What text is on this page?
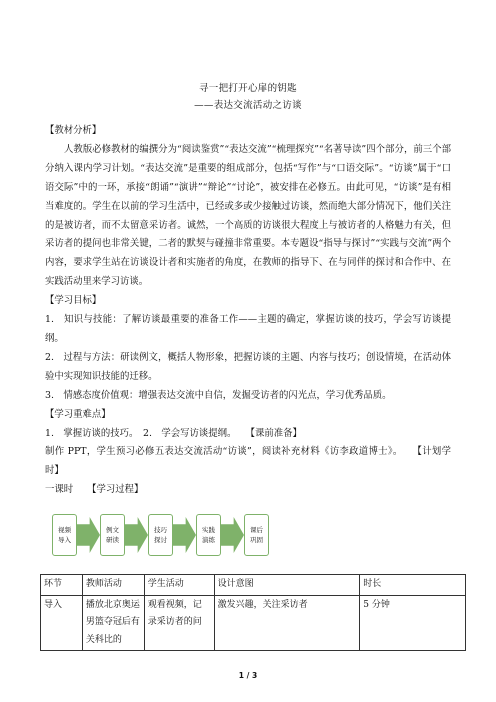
寻一把打开心扉的钥匙
——表达交流活动之访谈

【教材分析】

人教版必修教材的编撰分为“阅读鉴赏”“表达交流”“梳理探究”“名著导读”四个部分，前三个部分纳入课内学习计划。“表达交流”是重要的组成部分，包括“写作”与“口语交际”。“访谈”属于“口语交际”中的一环，承接“朗诵”“演讲”“辩论”“讨论”，被安排在必修五。由此可见，“访谈”是有相当难度的。学生在以前的学习生活中，已经或多或少接触过访谈，然而绝大部分情况下，他们关注的是被访者，而不太留意采访者。诚然，一个高质的访谈很大程度上与被访者的人格魅力有关，但采访者的提问也非常关键，二者的默契与碰撞非常重要。本专题设“指导与探讨”“实践与交流”两个内容，要求学生站在访谈设计者和实施者的角度，在教师的指导下、在与同伴的探讨和合作中、在实践活动里来学习访谈。

【学习目标】

1.　知识与技能：了解访谈最重要的准备工作——主题的确定，掌握访谈的技巧，学会写访谈提纲。

2.　过程与方法：研读例文，概括人物形象，把握访谈的主题、内容与技巧；创设情境，在活动体验中实现知识技能的迁移。

3.　情感态度价值观：增强表达交流中自信，发掘受访者的闪光点，学习优秀品质。

【学习重难点】

1.　掌握访谈的技巧。　2.　学会写访谈提纲。　　【课前准备】

制作 PPT，学生预习必修五表达交流活动“访谈”，阅读补充材料《访李政道博士》。　　【计划学时】

一课时　　【学习过程】

视频导入
例文研读
技巧探讨
实践演练
课后巩固
环节	教师活动	学生活动	设计意图	时长
导入	播放北京奥运男篮夺冠后有关科比的	观看视频，记录采访者的问	激发兴趣，关注采访者	5 分钟
1 / 3
